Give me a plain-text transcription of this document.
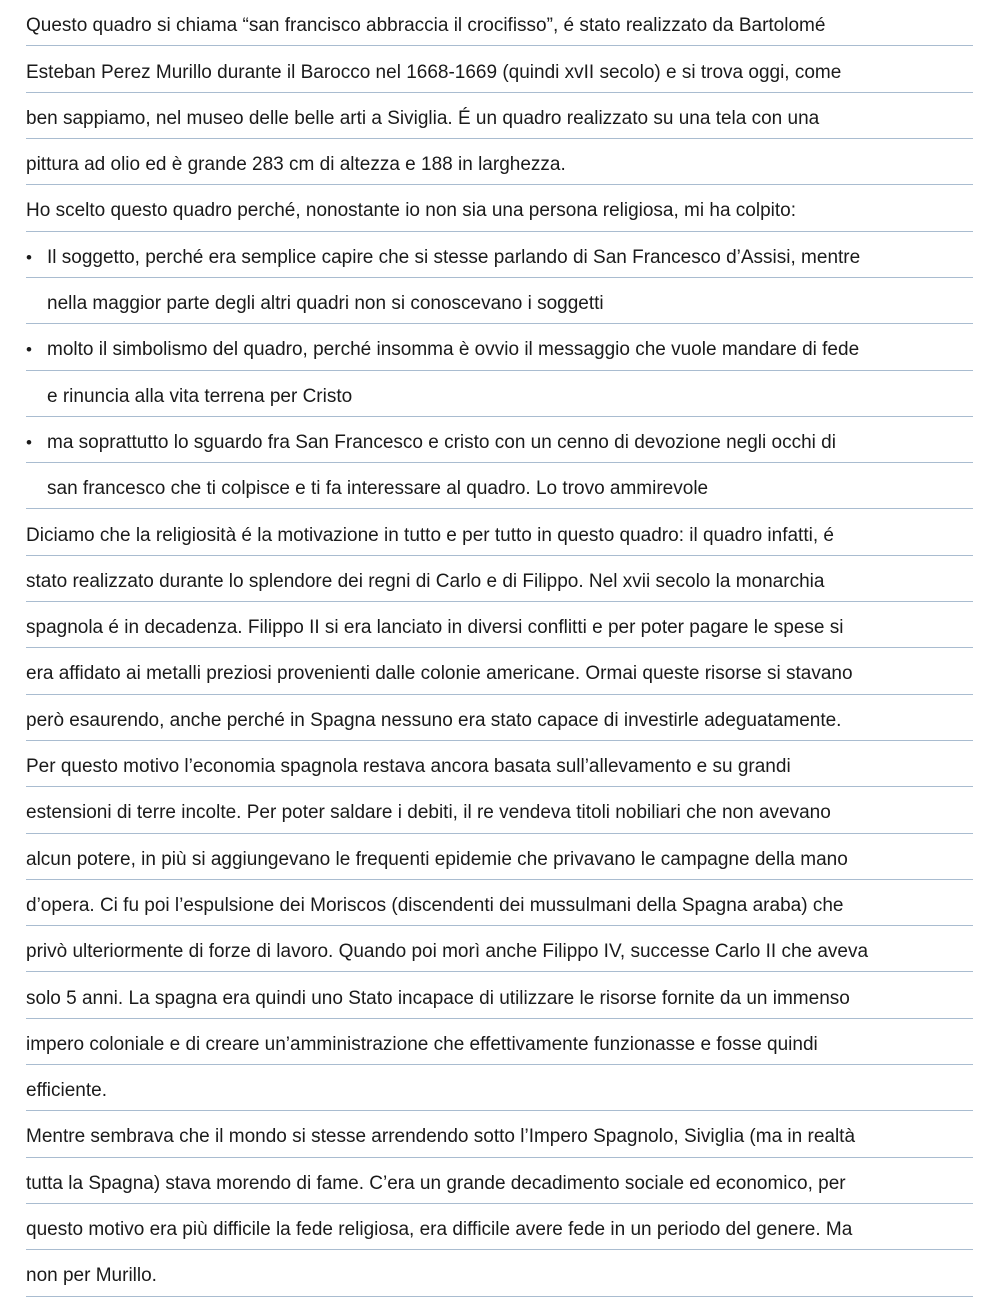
Questo quadro si chiama “san francisco abbraccia il crocifisso”, é stato realizzato da Bartolomé
Esteban Perez Murillo durante il Barocco nel 1668-1669 (quindi xvII secolo) e si trova oggi, come
ben sappiamo, nel museo delle belle arti a Siviglia. É un quadro realizzato su una tela con una
pittura ad olio ed è grande 283 cm di altezza e 188 in larghezza.
Ho scelto questo quadro perché, nonostante io non sia una persona religiosa, mi ha colpito:
• Il soggetto, perché era semplice capire che si stesse parlando di San Francesco d’Assisi, mentre
nella maggior parte degli altri quadri non si conoscevano i soggetti
• molto il simbolismo del quadro, perché insomma è ovvio il messaggio che vuole mandare di fede
e rinuncia alla vita terrena per Cristo
• ma soprattutto lo sguardo fra San Francesco e cristo con un cenno di devozione negli occhi di
san francesco che ti colpisce e ti fa interessare al quadro. Lo trovo ammirevole
Diciamo che la religiosità é la motivazione in tutto e per tutto in questo quadro: il quadro infatti, é
stato realizzato durante lo splendore dei regni di Carlo e di Filippo. Nel xvii secolo la monarchia
spagnola é in decadenza. Filippo II si era lanciato in diversi conflitti e per poter pagare le spese si
era affidato ai metalli preziosi provenienti dalle colonie americane. Ormai queste risorse si stavano
però esaurendo, anche perché in Spagna nessuno era stato capace di investirle adeguatamente.
Per questo motivo l’economia spagnola restava ancora basata sull’allevamento e su grandi
estensioni di terre incolte. Per poter saldare i debiti, il re vendeva titoli nobiliari che non avevano
alcun potere, in più si aggiungevano le frequenti epidemie che privavano le campagne della mano
d’opera. Ci fu poi l’espulsione dei Moriscos (discendenti dei mussulmani della Spagna araba) che
privò ulteriormente di forze di lavoro. Quando poi morì anche Filippo IV, successe Carlo II che aveva
solo 5 anni. La spagna era quindi uno Stato incapace di utilizzare le risorse fornite da un immenso
impero coloniale e di creare un’amministrazione che effettivamente funzionasse e fosse quindi
efficiente.
Mentre sembrava che il mondo si stesse arrendendo sotto l’Impero Spagnolo, Siviglia (ma in realtà
tutta la Spagna) stava morendo di fame. C’era un grande decadimento sociale ed economico, per
questo motivo era più difficile la fede religiosa, era difficile avere fede in un periodo del genere. Ma
non per Murillo.
